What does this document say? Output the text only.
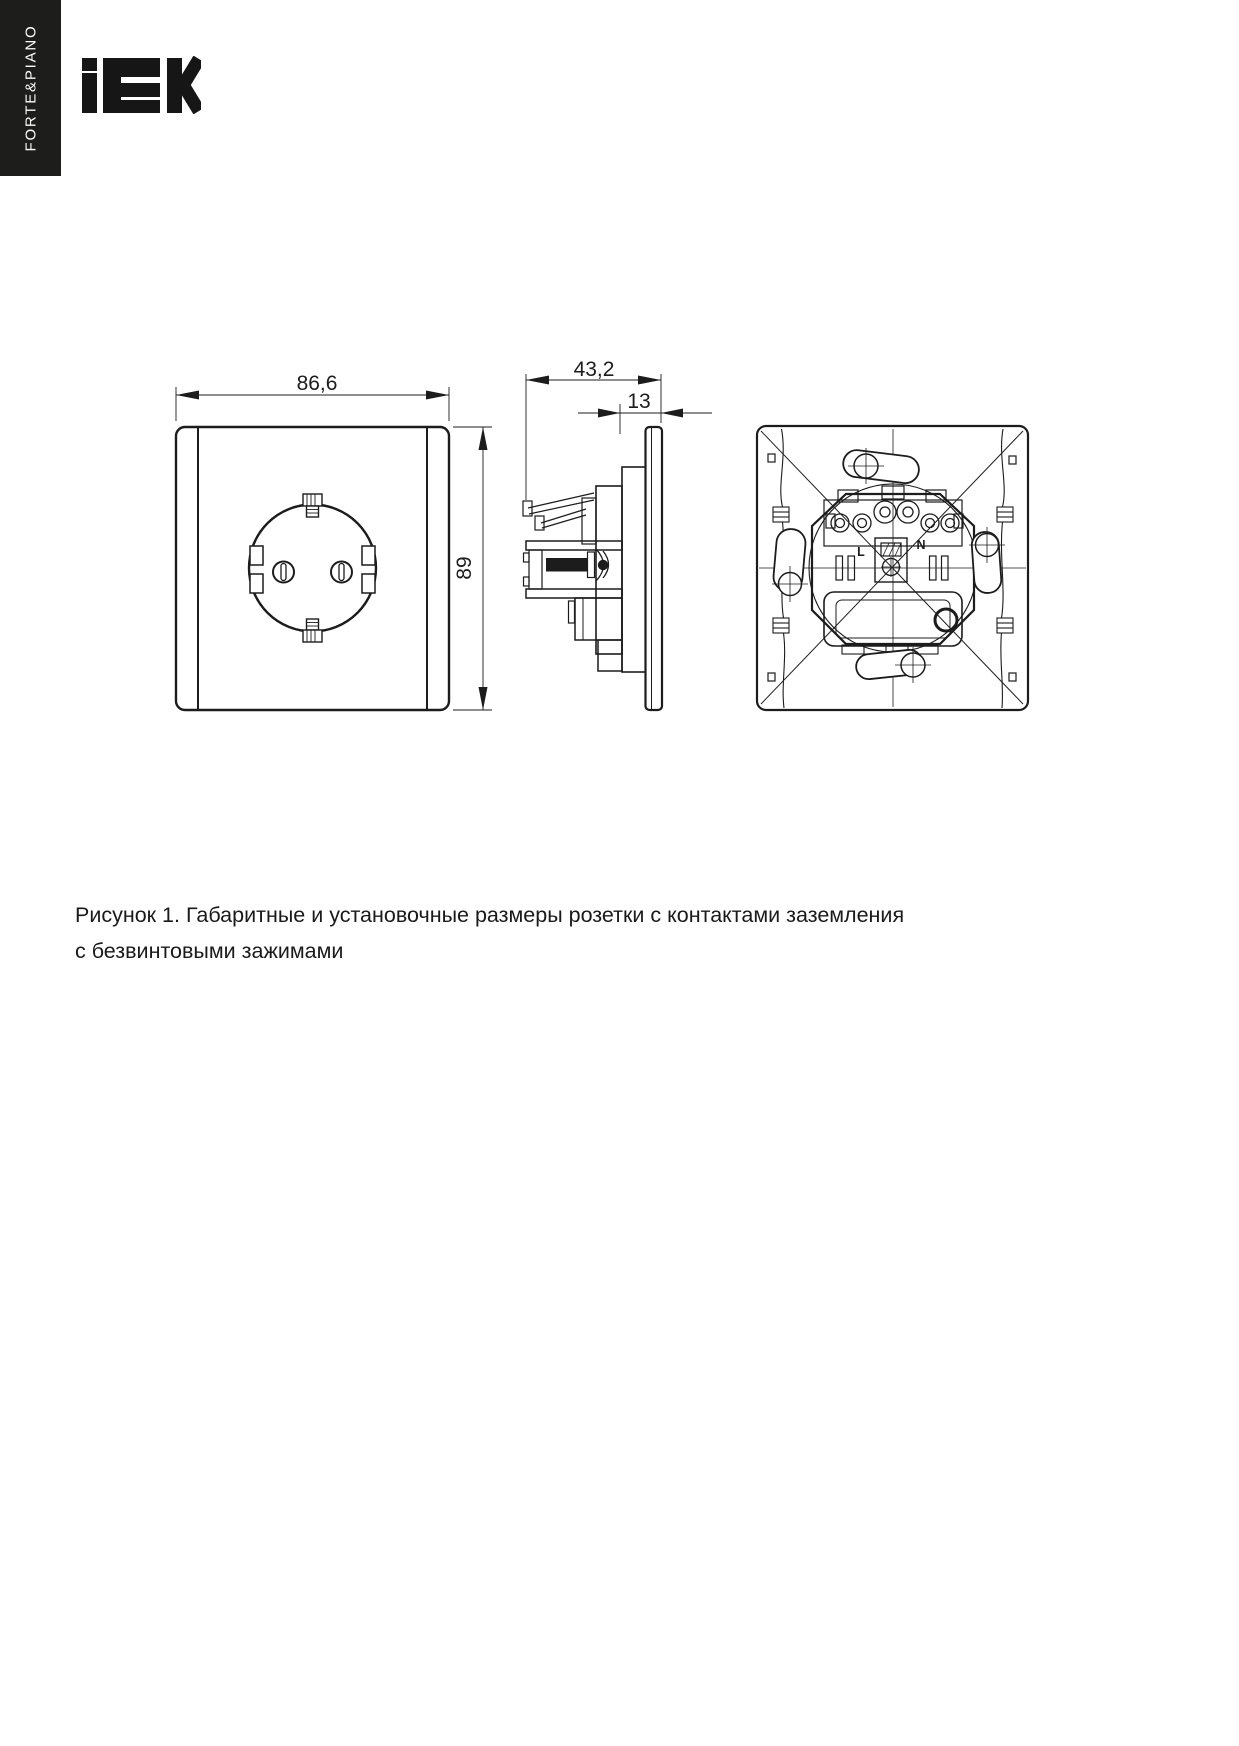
FORTE&PIANO
86,6
89
43,2
13
L	N
Рисунок 1. Габаритные и установочные размеры розетки с контактами заземления
с безвинтовыми зажимами
